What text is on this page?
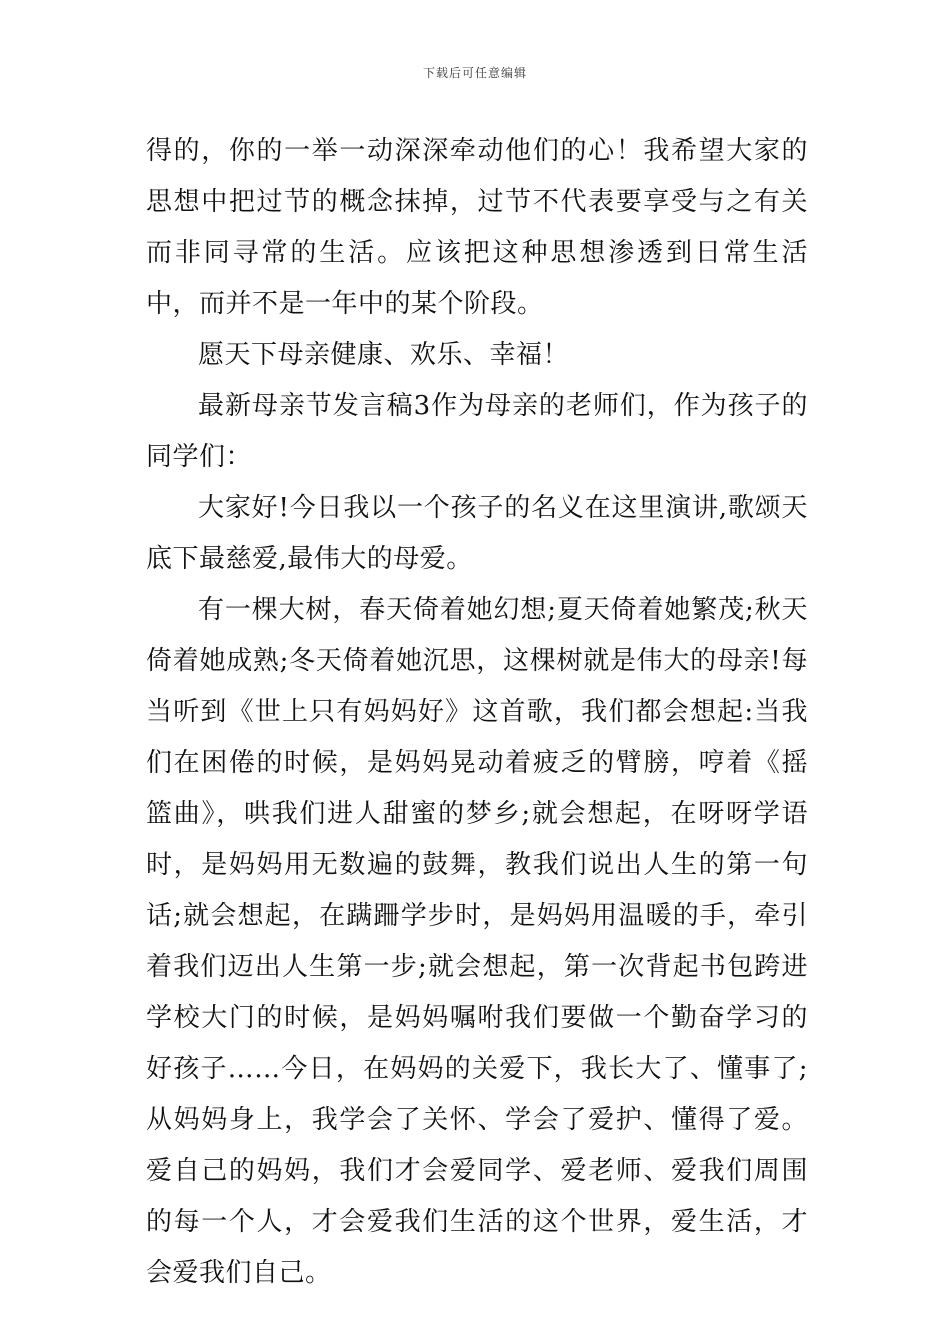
下载后可任意编辑

得的，你的一举一动深深牵动他们的心！我希望大家的思想中把过节的概念抹掉，过节不代表要享受与之有关而非同寻常的生活。应该把这种思想渗透到日常生活中，而并不是一年中的某个阶段。

愿天下母亲健康、欢乐、幸福！

最新母亲节发言稿3作为母亲的老师们，作为孩子的同学们：

大家好!今日我以一个孩子的名义在这里演讲,歌颂天底下最慈爱,最伟大的母爱。

有一棵大树，春天倚着她幻想;夏天倚着她繁茂;秋天倚着她成熟;冬天倚着她沉思，这棵树就是伟大的母亲!每当听到《世上只有妈妈好》这首歌，我们都会想起:当我们在困倦的时候，是妈妈晃动着疲乏的臂膀，哼着《摇篮曲》，哄我们进人甜蜜的梦乡;就会想起，在呀呀学语时，是妈妈用无数遍的鼓舞，教我们说出人生的第一句话;就会想起，在蹒跚学步时，是妈妈用温暖的手，牵引着我们迈出人生第一步;就会想起，第一次背起书包跨进学校大门的时候，是妈妈嘱咐我们要做一个勤奋学习的好孩子……今日，在妈妈的关爱下，我长大了、懂事了;从妈妈身上，我学会了关怀、学会了爱护、懂得了爱。爱自己的妈妈，我们才会爱同学、爱老师、爱我们周围的每一个人，才会爱我们生活的这个世界，爱生活，才会爱我们自己。
